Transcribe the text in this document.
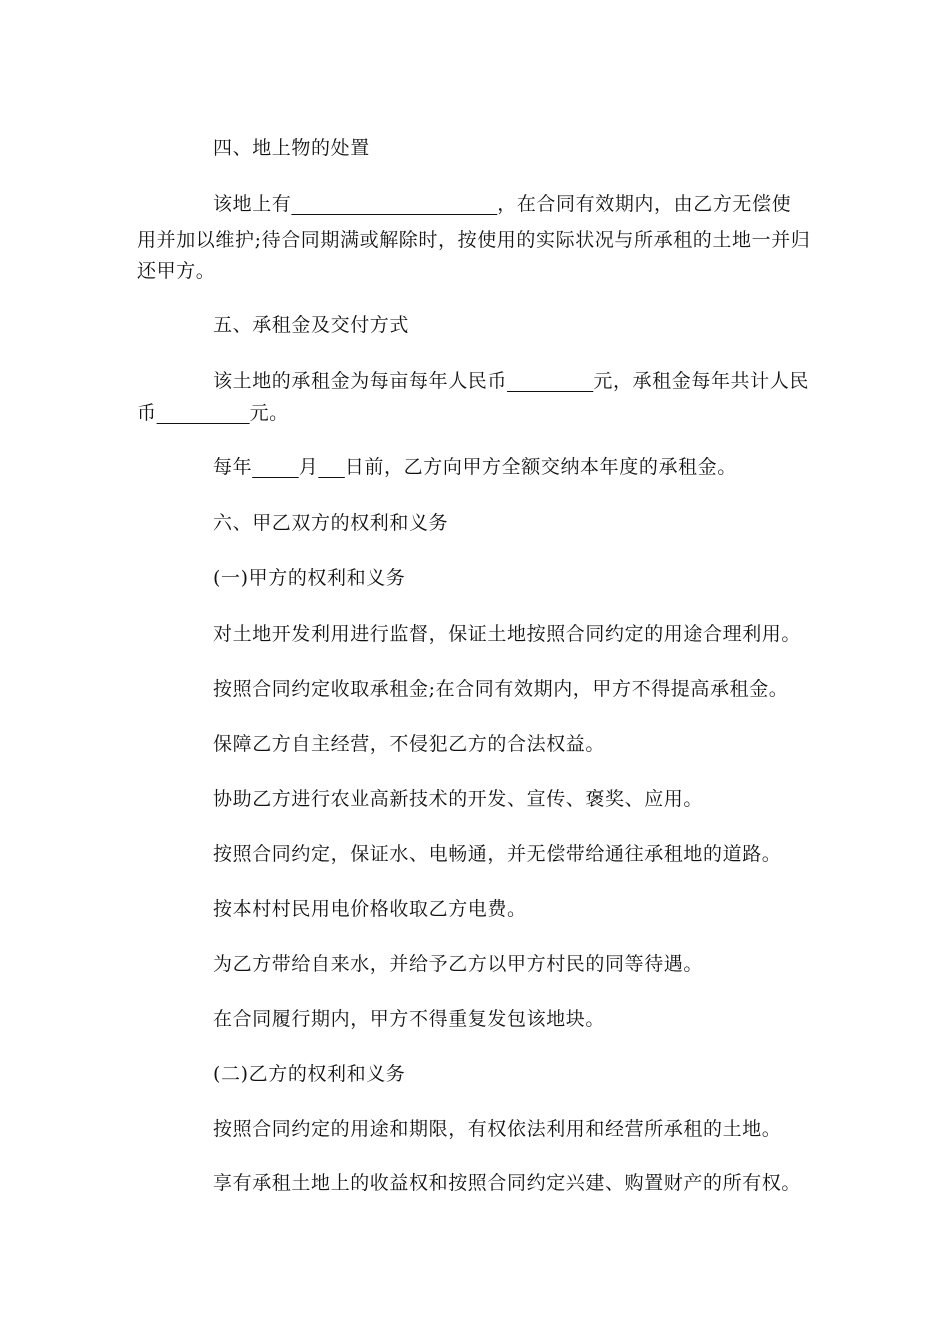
四、地上物的处置
该地上有	，在合同有效期内，由乙方无偿使
用并加以维护;待合同期满或解除时，按使用的实际状况与所承租的土地一并归
还甲方。
五、承租金及交付方式
该土地的承租金为每亩每年人民币	元，承租金每年共计人民
币	元。
每年 月 日前，乙方向甲方全额交纳本年度的承租金。
六、甲乙双方的权利和义务
(一)甲方的权利和义务
对土地开发利用进行监督，保证土地按照合同约定的用途合理利用。
按照合同约定收取承租金;在合同有效期内，甲方不得提高承租金。
保障乙方自主经营，不侵犯乙方的合法权益。
协助乙方进行农业高新技术的开发、宣传、褒奖、应用。
按照合同约定，保证水、电畅通，并无偿带给通往承租地的道路。
按本村村民用电价格收取乙方电费。
为乙方带给自来水，并给予乙方以甲方村民的同等待遇。
在合同履行期内，甲方不得重复发包该地块。
(二)乙方的权利和义务
按照合同约定的用途和期限，有权依法利用和经营所承租的土地。
享有承租土地上的收益权和按照合同约定兴建、购置财产的所有权。
